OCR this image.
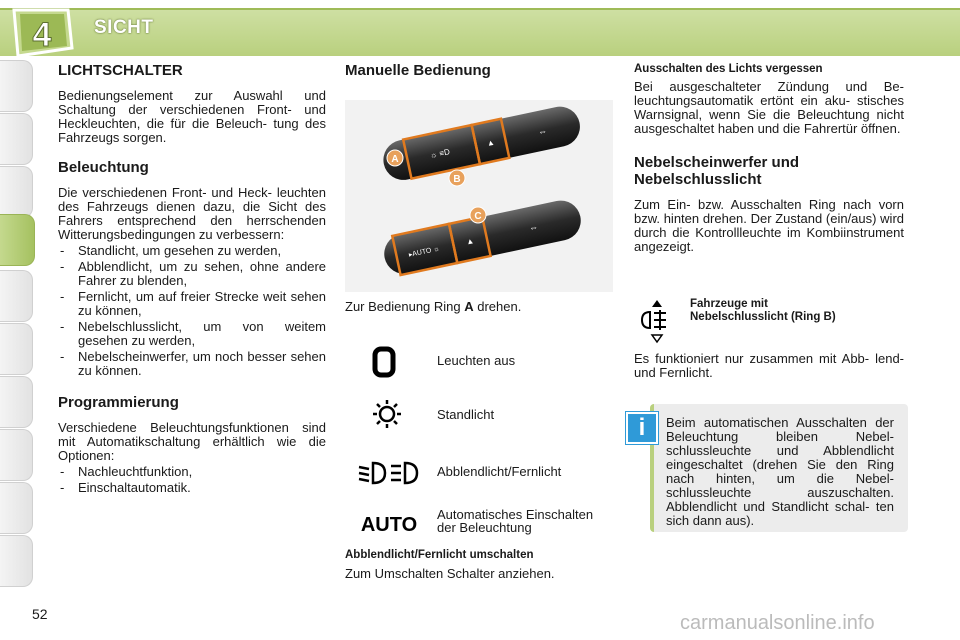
4 SICHT
LICHTSCHALTER

Bedienungselement zur Auswahl und Schaltung der verschiedenen Front- und Heckleuchten, die für die Beleuch- tung des Fahrzeugs sorgen.

Beleuchtung

Die verschiedenen Front- und Heck- leuchten des Fahrzeugs dienen dazu, die Sicht des Fahrers entsprechend den herrschenden Witterungsbedingungen zu verbessern:

- Standlicht, um gesehen zu werden,
- Abblendlicht, um zu sehen, ohne andere Fahrer zu blenden,
- Fernlicht, um auf freier Strecke weit sehen zu können,
- Nebelschlusslicht, um von weitem gesehen zu werden,
- Nebelscheinwerfer, um noch besser sehen zu können.
Programmierung

Verschiedene Beleuchtungsfunktionen sind mit Automatikschaltung erhältlich wie die Optionen:

- Nachleuchtfunktion,
- Einschaltautomatik.
Manuelle Bedienung
☼ ≡D
▲
⇔
▸AUTO ☼
▲
⇔
A
B
C
Zur Bedienung Ring A drehen.
Leuchten aus
Standlicht
Abblendlicht/Fernlicht
AUTO Automatisches Einschalten
der Beleuchtung
Abblendlicht/Fernlicht umschalten
Zum Umschalten Schalter anziehen.
Ausschalten des Lichts vergessen

Bei ausgeschalteter Zündung und Be- leuchtungsautomatik ertönt ein aku- stisches Warnsignal, wenn Sie die Beleuchtung nicht ausgeschaltet haben und die Fahrertür öffnen.

Nebelscheinwerfer und
Nebelschlusslicht

Zum Ein- bzw. Ausschalten Ring nach vorn bzw. hinten drehen. Der Zustand (ein/aus) wird durch die Kontrollleuchte im Kombiinstrument angezeigt.

Fahrzeuge mit
Nebelschlusslicht (Ring B)
Es funktioniert nur zusammen mit Abb- lend- und Fernlicht.
Beim automatischen Ausschalten der Beleuchtung bleiben Nebel- schlussleuchte und Abblendlicht eingeschaltet (drehen Sie den Ring nach hinten, um die Nebel- schlussleuchte auszuschalten. Abblendlicht und Standlicht schal- ten sich dann aus).
i
52	carmanualsonline.info
